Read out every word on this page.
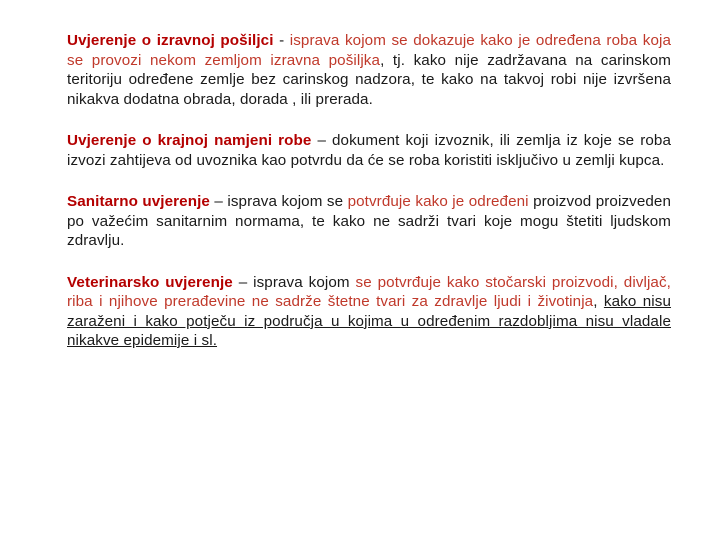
Uvjerenje o izravnoj pošiljci - isprava kojom se dokazuje kako je određena roba koja se provozi nekom zemljom izravna pošiljka, tj. kako nije zadržavana na carinskom teritoriju određene zemlje bez carinskog nadzora, te kako na takvoj robi nije izvršena nikakva dodatna obrada, dorada , ili prerada.

Uvjerenje o krajnoj namjeni robe – dokument koji izvoznik, ili zemlja iz koje se roba izvozi zahtijeva od uvoznika kao potvrdu da će se roba koristiti isključivo u zemlji kupca.

Sanitarno uvjerenje – isprava kojom se potvrđuje kako je određeni proizvod proizveden po važećim sanitarnim normama, te kako ne sadrži tvari koje mogu štetiti ljudskom zdravlju.

Veterinarsko uvjerenje – isprava kojom se potvrđuje kako stočarski proizvodi, divljač, riba i njihove prerađevine ne sadrže štetne tvari za zdravlje ljudi i životinja, kako nisu zaraženi i kako potječu iz područja u kojima u određenim razdobljima nisu vladale nikakve epidemije i sl.
